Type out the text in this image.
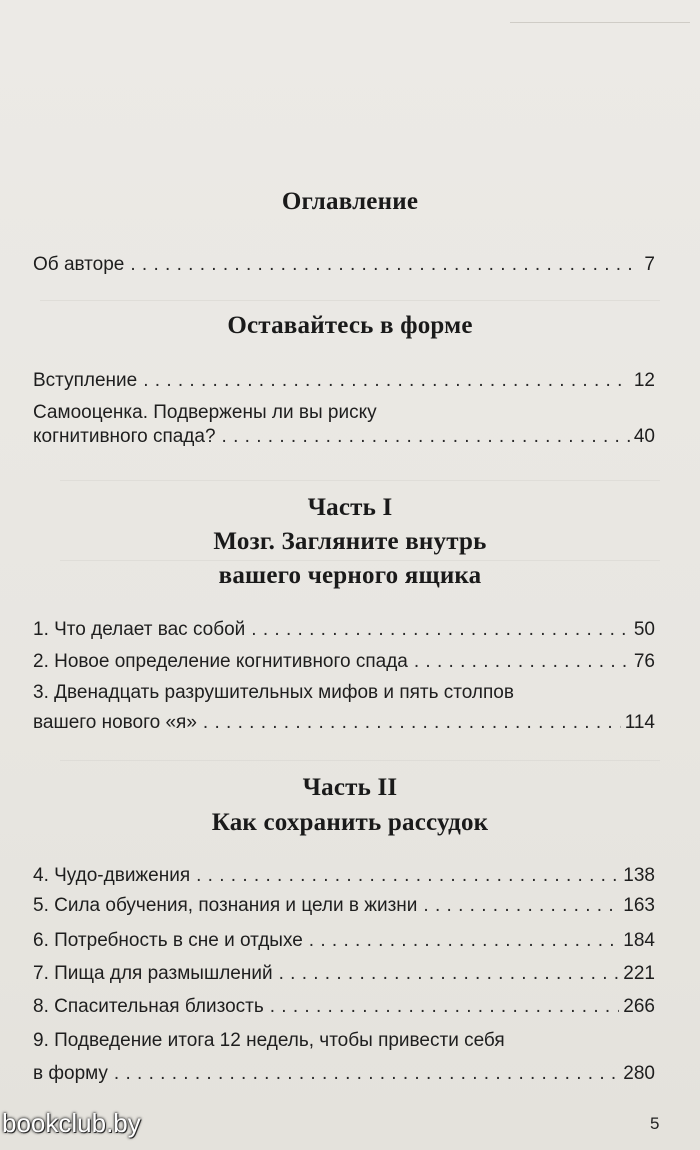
Оглавление
Об авторе . . .	7
Оставайтесь в форме
Вступление . . .	12
Самооценка. Подвержены ли вы риску
когнитивного спада? . . .	40
Часть I
Мозг. Загляните внутрь
вашего черного ящика
1. Что делает вас собой . . .	50
2. Новое определение когнитивного спада . . .	76
3. Двенадцать разрушительных мифов и пять столпов
вашего нового «я» . . .	114
Часть II
Как сохранить рассудок
4. Чудо-движения . . .	138
5. Сила обучения, познания и цели в жизни . . .	163
6. Потребность в сне и отдыхе . . .	184
7. Пища для размышлений . . .	221
8. Спасительная близость . . .	266
9. Подведение итога 12 недель, чтобы привести себя
в форму . . .	280
bookclub.by	5
